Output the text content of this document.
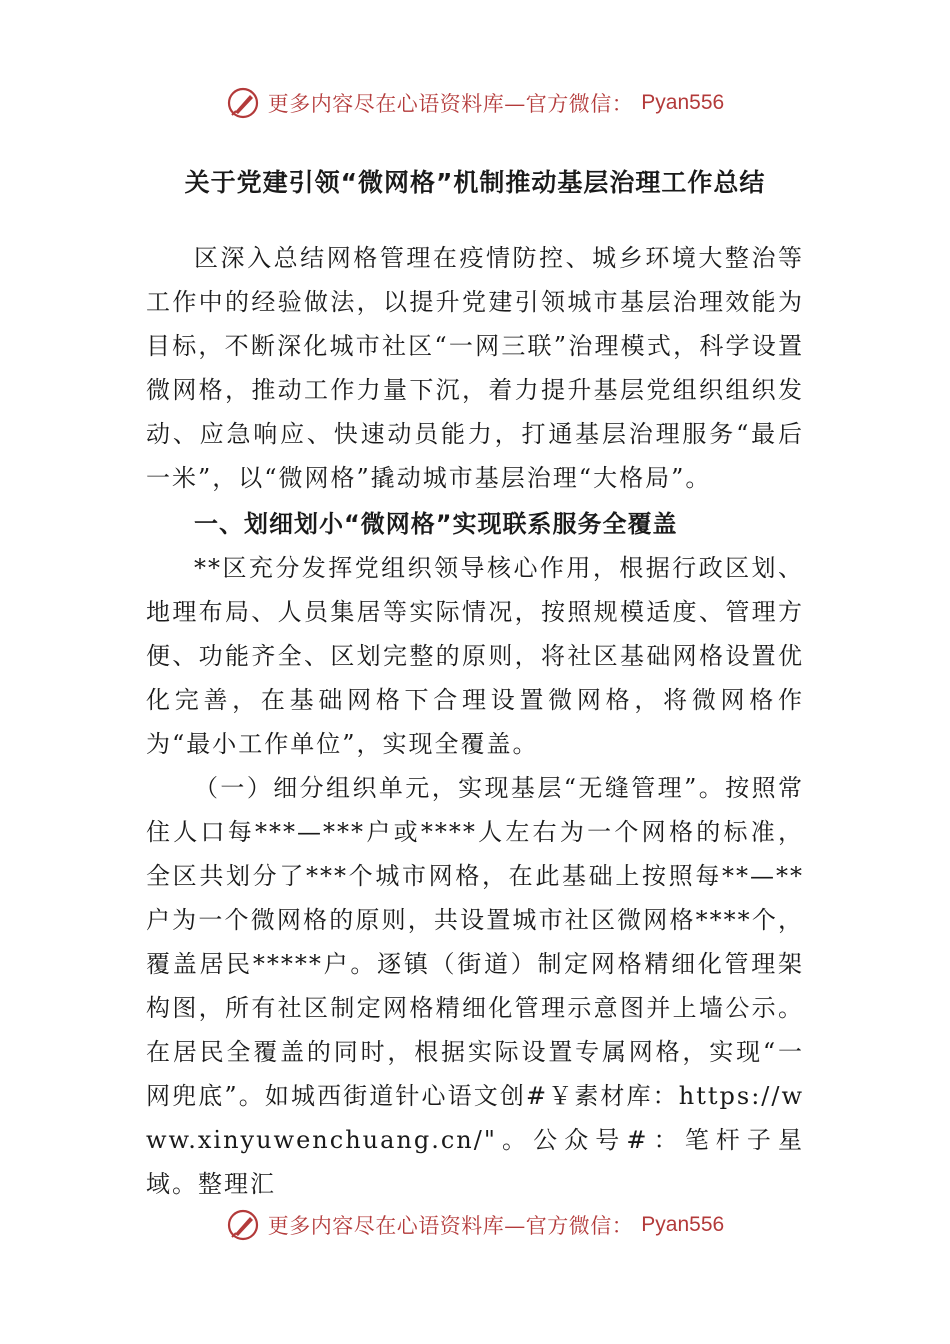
更多内容尽在心语资料库—官方微信： Pyan556
关于党建引领“微网格”机制推动基层治理工作总结

区深入总结网格管理在疫情防控、城乡环境大整治等工作中的经验做法，以提升党建引领城市基层治理效能为目标，不断深化城市社区“一网三联”治理模式，科学设置微网格，推动工作力量下沉，着力提升基层党组织组织发动、应急响应、快速动员能力，打通基层治理服务“最后一米”，以“微网格”撬动城市基层治理“大格局”。

一、划细划小“微网格”实现联系服务全覆盖

**区充分发挥党组织领导核心作用，根据行政区划、地理布局、人员集居等实际情况，按照规模适度、管理方便、功能齐全、区划完整的原则，将社区基础网格设置优化完善，在基础网格下合理设置微网格，将微网格作为“最小工作单位”，实现全覆盖。

（一）细分组织单元，实现基层“无缝管理”。按照常住人口每***—***户或****人左右为一个网格的标准，全区共划分了***个城市网格，在此基础上按照每**—**户为一个微网格的原则，共设置城市社区微网格****个，覆盖居民*****户。逐镇（街道）制定网格精细化管理架构图，所有社区制定网格精细化管理示意图并上墙公示。在居民全覆盖的同时，根据实际设置专属网格，实现“一网兜底”。如城西街道针心语文创#￥素材库：https://www.xinyuwenchuang.cn/"。公众号#：笔杆子星域。整理汇

更多内容尽在心语资料库—官方微信： Pyan556
